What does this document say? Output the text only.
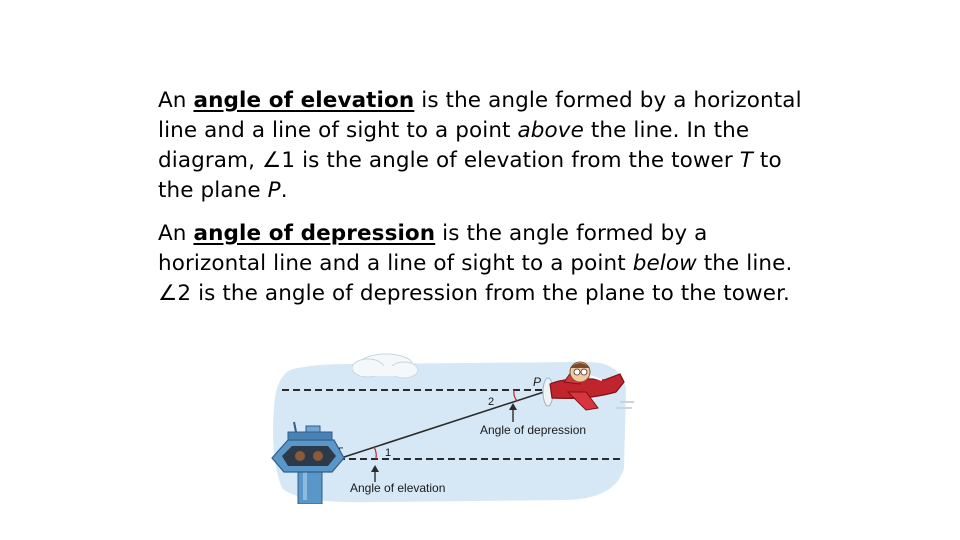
An angle of elevation is the angle formed by a horizontal line and a line of sight to a point above the line. In the diagram, ∠1 is the angle of elevation from the tower T to the plane P.

An angle of depression is the angle formed by a horizontal line and a line of sight to a point below the line. ∠2 is the angle of depression from the plane to the tower.

P
2
1
Angle of depression
Angle of elevation
